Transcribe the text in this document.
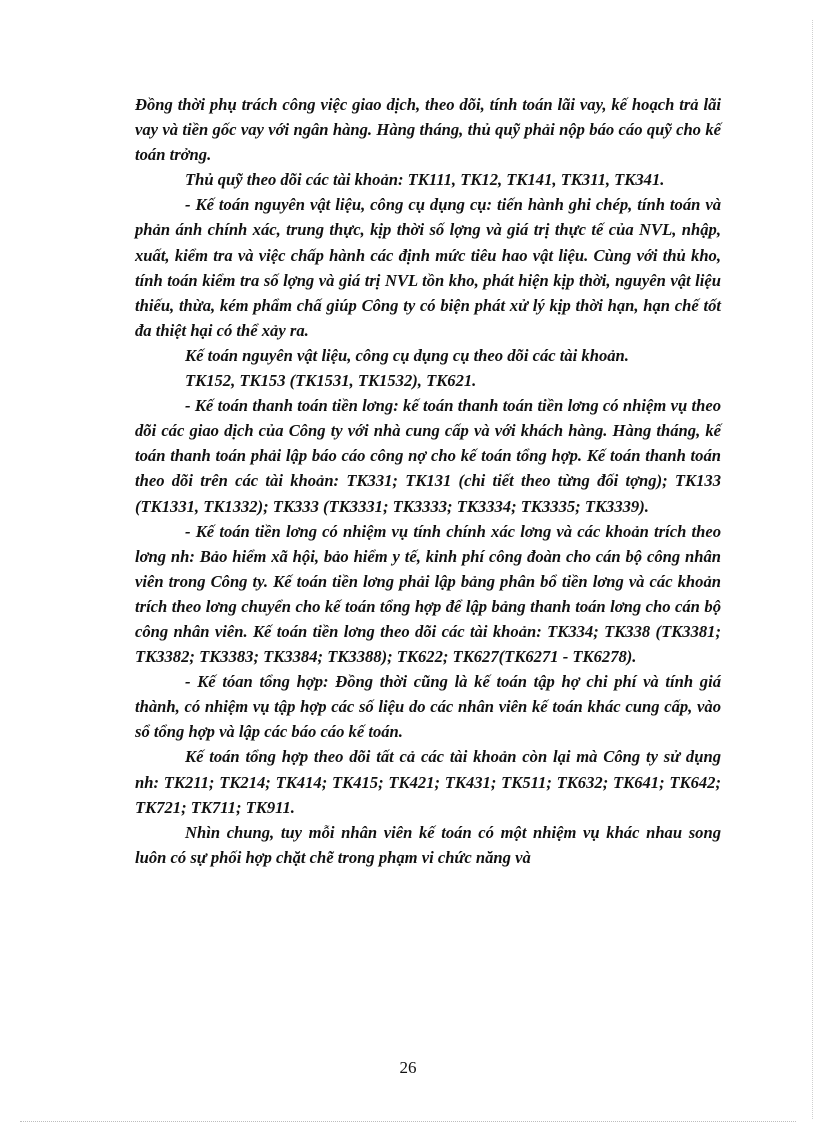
Đồng thời phụ trách công việc giao dịch, theo dõi, tính toán lãi vay, kế hoạch trả lãi vay và tiền gốc vay với ngân hàng. Hàng tháng, thủ quỹ phải nộp báo cáo quỹ cho kế toán trởng.

Thủ quỹ theo dõi các tài khoản: TK111, TK12, TK141, TK311, TK341.

- Kế toán nguyên vật liệu, công cụ dụng cụ: tiến hành ghi chép, tính toán và phản ánh chính xác, trung thực, kịp thời số lợng và giá trị thực tế của NVL, nhập, xuất, kiểm tra và việc chấp hành các định mức tiêu hao vật liệu. Cùng với thủ kho, tính toán kiểm tra số lợng và giá trị NVL tồn kho, phát hiện kịp thời, nguyên vật liệu thiếu, thừa, kém phẩm chấ giúp Công ty có biện phát xử lý kịp thời hạn, hạn chế tốt đa thiệt hại có thể xảy ra.

Kế toán nguyên vật liệu, công cụ dụng cụ theo dõi các tài khoản.

TK152, TK153 (TK1531, TK1532), TK621.

- Kế toán thanh toán tiền lơng: kế toán thanh toán tiền lơng có nhiệm vụ theo dõi các giao dịch của Công ty với nhà cung cấp và với khách hàng. Hàng tháng, kế toán thanh toán phải lập báo cáo công nợ cho kế toán tổng hợp. Kế toán thanh toán theo dõi trên các tài khoản: TK331; TK131 (chi tiết theo từng đối tợng); TK133 (TK1331, TK1332); TK333 (TK3331; TK3333; TK3334; TK3335; TK3339).

- Kế toán tiền lơng có nhiệm vụ tính chính xác lơng và các khoản trích theo lơng nh: Bảo hiểm xã hội, bảo hiểm y tế, kinh phí công đoàn cho cán bộ công nhân viên trong Công ty. Kế toán tiền lơng phải lập bảng phân bổ tiền lơng và các khoản trích theo lơng chuyển cho kế toán tổng hợp để lập bảng thanh toán lơng cho cán bộ công nhân viên. Kế toán tiền lơng theo dõi các tài khoản: TK334; TK338 (TK3381; TK3382; TK3383; TK3384; TK3388); TK622; TK627(TK6271 - TK6278).

- Kế tóan tổng hợp: Đồng thời cũng là kế toán tập hợ chi phí và tính giá thành, có nhiệm vụ tập hợp các số liệu do các nhân viên kế toán khác cung cấp, vào sổ tổng hợp và lập các báo cáo kế toán.

Kế toán tổng hợp theo dõi tất cả các tài khoản còn lại mà Công ty sử dụng nh: TK211; TK214; TK414; TK415; TK421; TK431; TK511; TK632; TK641; TK642; TK721; TK711; TK911.

Nhìn chung, tuy mỗi nhân viên kế toán có một nhiệm vụ khác nhau song luôn có sự phối hợp chặt chẽ trong phạm vi chức năng và

26
